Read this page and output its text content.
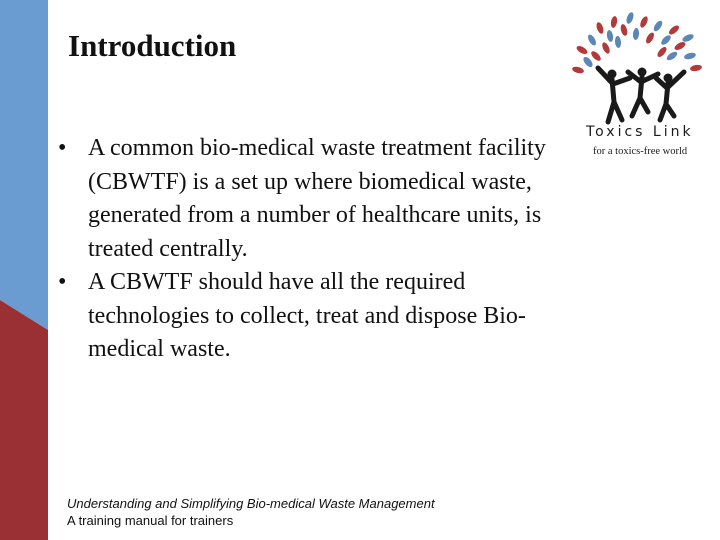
Introduction
Toxics Link
for a toxics-free world
• A common bio-medical waste treatment facility (CBWTF) is a set up where biomedical waste, generated from a number of healthcare units, is treated centrally.
• A CBWTF should have all the required technologies to collect, treat and dispose Bio- medical waste.
Understanding and Simplifying Bio-medical Waste Management
A training manual for trainers
